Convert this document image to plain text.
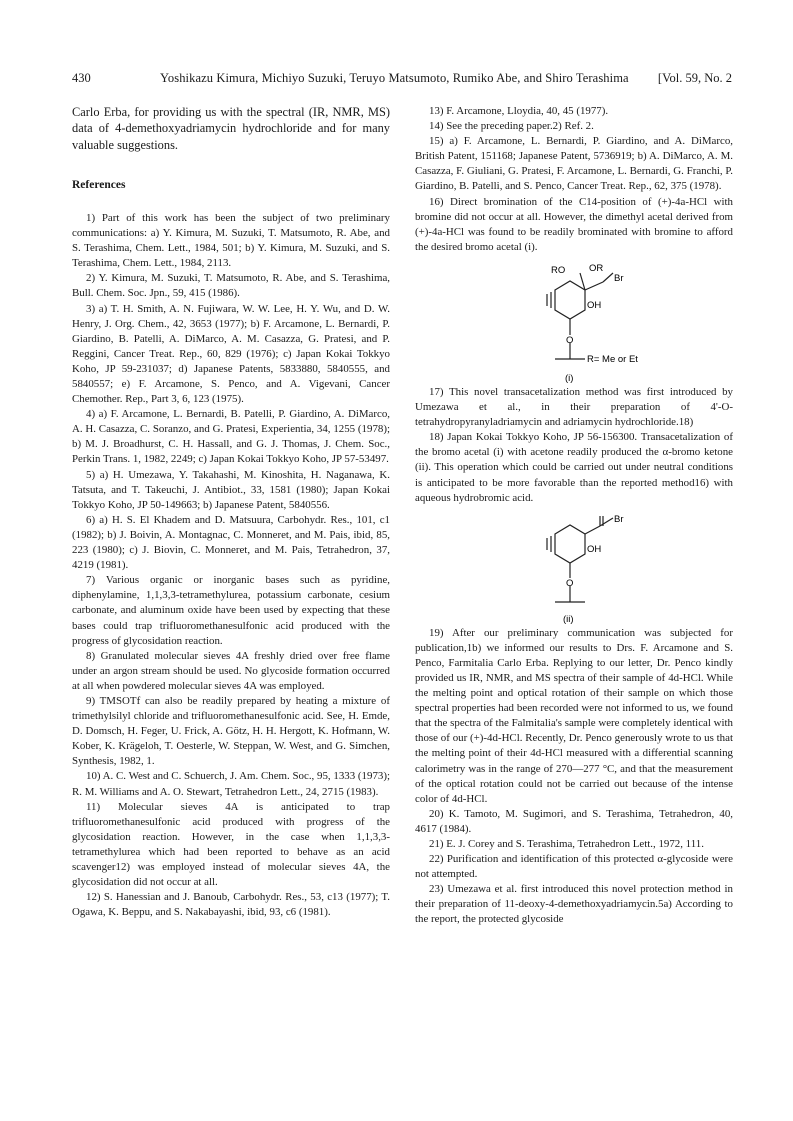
430	Yoshikazu Kimura, Michiyo Suzuki, Teruyo Matsumoto, Rumiko Abe, and Shiro Terashima [Vol. 59, No. 2

Carlo Erba, for providing us with the spectral (IR, NMR, MS) data of 4-demethoxyadriamycin hydrochloride and for many valuable suggestions.

References

1) Part of this work has been the subject of two preliminary communications: a) Y. Kimura, M. Suzuki, T. Matsumoto, R. Abe, and S. Terashima, Chem. Lett., 1984, 501; b) Y. Kimura, M. Suzuki, and S. Terashima, Chem. Lett., 1984, 2113.

2) Y. Kimura, M. Suzuki, T. Matsumoto, R. Abe, and S. Terashima, Bull. Chem. Soc. Jpn., 59, 415 (1986).

3) a) T. H. Smith, A. N. Fujiwara, W. W. Lee, H. Y. Wu, and D. W. Henry, J. Org. Chem., 42, 3653 (1977); b) F. Arcamone, L. Bernardi, P. Giardino, B. Patelli, A. DiMarco, A. M. Casazza, G. Pratesi, and P. Reggini, Cancer Treat. Rep., 60, 829 (1976); c) Japan Kokai Tokkyo Koho, JP 59-231037; d) Japanese Patents, 5833880, 5840555, and 5840557; e) F. Arcamone, S. Penco, and A. Vigevani, Cancer Chemother. Rep., Part 3, 6, 123 (1975).

4) a) F. Arcamone, L. Bernardi, B. Patelli, P. Giardino, A. DiMarco, A. H. Casazza, C. Soranzo, and G. Pratesi, Experientia, 34, 1255 (1978); b) M. J. Broadhurst, C. H. Hassall, and G. J. Thomas, J. Chem. Soc., Perkin Trans. 1, 1982, 2249; c) Japan Kokai Tokkyo Koho, JP 57-53497.

5) a) H. Umezawa, Y. Takahashi, M. Kinoshita, H. Naganawa, K. Tatsuta, and T. Takeuchi, J. Antibiot., 33, 1581 (1980); Japan Kokai Tokkyo Koho, JP 50-149663; b) Japanese Patent, 5840556.

6) a) H. S. El Khadem and D. Matsuura, Carbohydr. Res., 101, c1 (1982); b) J. Boivin, A. Montagnac, C. Monneret, and M. Pais, ibid, 85, 223 (1980); c) J. Biovin, C. Monneret, and M. Pais, Tetrahedron, 37, 4219 (1981).

7) Various organic or inorganic bases such as pyridine, diphenylamine, 1,1,3,3-tetramethylurea, potassium carbonate, cesium carbonate, and aluminum oxide have been used by expecting that these bases could trap trifluoromethanesulfonic acid produced with the progress of glycosidation reaction.

8) Granulated molecular sieves 4A freshly dried over free flame under an argon stream should be used. No glycoside formation occurred at all when powdered molecular sieves 4A was employed.

9) TMSOTf can also be readily prepared by heating a mixture of trimethylsilyl chloride and trifluoromethanesulfonic acid. See, H. Emde, D. Domsch, H. Feger, U. Frick, A. Götz, H. H. Hergott, K. Hofmann, W. Kober, K. Krägeloh, T. Oesterle, W. Steppan, W. West, and G. Simchen, Synthesis, 1982, 1.

10) A. C. West and C. Schuerch, J. Am. Chem. Soc., 95, 1333 (1973); R. M. Williams and A. O. Stewart, Tetrahedron Lett., 24, 2715 (1983).

11) Molecular sieves 4A is anticipated to trap trifluoromethanesulfonic acid produced with progress of the glycosidation reaction. However, in the case when 1,1,3,3-tetramethylurea which had been reported to behave as an acid scavenger12) was employed instead of molecular sieves 4A, the glycosidation did not occur at all.

12) S. Hanessian and J. Banoub, Carbohydr. Res., 53, c13 (1977); T. Ogawa, K. Beppu, and S. Nakabayashi, ibid, 93, c6 (1981).

13) F. Arcamone, Lloydia, 40, 45 (1977).

14) See the preceding paper.2) Ref. 2.

15) a) F. Arcamone, L. Bernardi, P. Giardino, and A. DiMarco, British Patent, 151168; Japanese Patent, 5736919; b) A. DiMarco, A. M. Casazza, F. Giuliani, G. Pratesi, F. Arcamone, L. Bernardi, G. Franchi, P. Giardino, B. Patelli, and S. Penco, Cancer Treat. Rep., 62, 375 (1978).

16) Direct bromination of the C14-position of (+)-4a-HCl with bromine did not occur at all. However, the dimethyl acetal derived from (+)-4a-HCl was found to be readily brominated with bromine to afford the desired bromo acetal (i).

RO	OR
Br
OH
O
R= Me or Et
(i)

17) This novel transacetalization method was first introduced by Umezawa et al., in their preparation of 4'-O-tetrahydropyranyladriamycin and adriamycin hydrochloride.18)

18) Japan Kokai Tokkyo Koho, JP 56-156300. Transacetalization of the bromo acetal (i) with acetone readily produced the α-bromo ketone (ii). This operation which could be carried out under neutral conditions is anticipated to be more favorable than the reported method16) with aqueous hydrobromic acid.

Br
OH
O
(ii)

19) After our preliminary communication was subjected for publication,1b) we informed our results to Drs. F. Arcamone and S. Penco, Farmitalia Carlo Erba. Replying to our letter, Dr. Penco kindly provided us IR, NMR, and MS spectra of their sample of 4d-HCl. While the melting point and optical rotation of their sample on which those spectral properties had been recorded were not informed to us, we found that the spectra of the Falmitalia's sample were completely identical with those of our (+)-4d-HCl. Recently, Dr. Penco generously wrote to us that the melting point of their 4d-HCl measured with a differential scanning calorimetry was in the range of 270—277 °C, and that the measurement of the optical rotation could not be carried out because of the intense color of 4d-HCl.

20) K. Tamoto, M. Sugimori, and S. Terashima, Tetrahedron, 40, 4617 (1984).

21) E. J. Corey and S. Terashima, Tetrahedron Lett., 1972, 111.

22) Purification and identification of this protected α-glycoside were not attempted.

23) Umezawa et al. first introduced this novel protection method in their preparation of 11-deoxy-4-demethoxyadriamycin.5a) According to the report, the protected glycoside
